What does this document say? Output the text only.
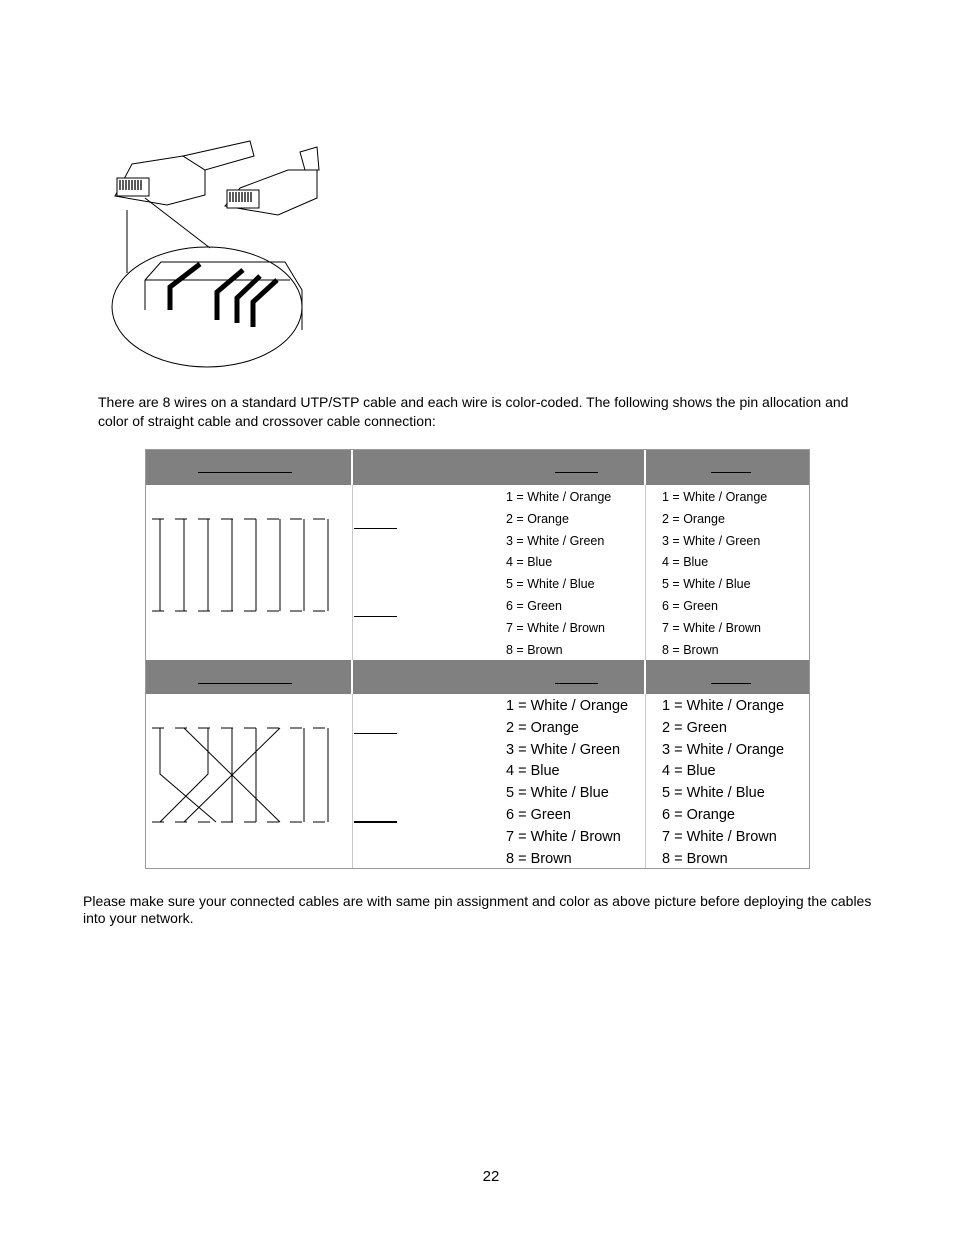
There are 8 wires on a standard UTP/STP cable and each wire is color-coded. The following shows the pin allocation and color of straight cable and crossover cable connection:
1 = White / Orange
2 = Orange
3 = White / Green
4 = Blue
5 = White / Blue
6 = Green
7 = White / Brown
8 = Brown
1 = White / Orange
2 = Orange
3 = White / Green
4 = Blue
5 = White / Blue
6 = Green
7 = White / Brown
8 = Brown
1 = White / Orange
2 = Orange
3 = White / Green
4 = Blue
5 = White / Blue
6 = Green
7 = White / Brown
8 = Brown
1 = White / Orange
2 = Green
3 = White / Orange
4 = Blue
5 = White / Blue
6 = Orange
7 = White / Brown
8 = Brown
Please make sure your connected cables are with same pin assignment and color as above picture before deploying the cables into your network.
22
